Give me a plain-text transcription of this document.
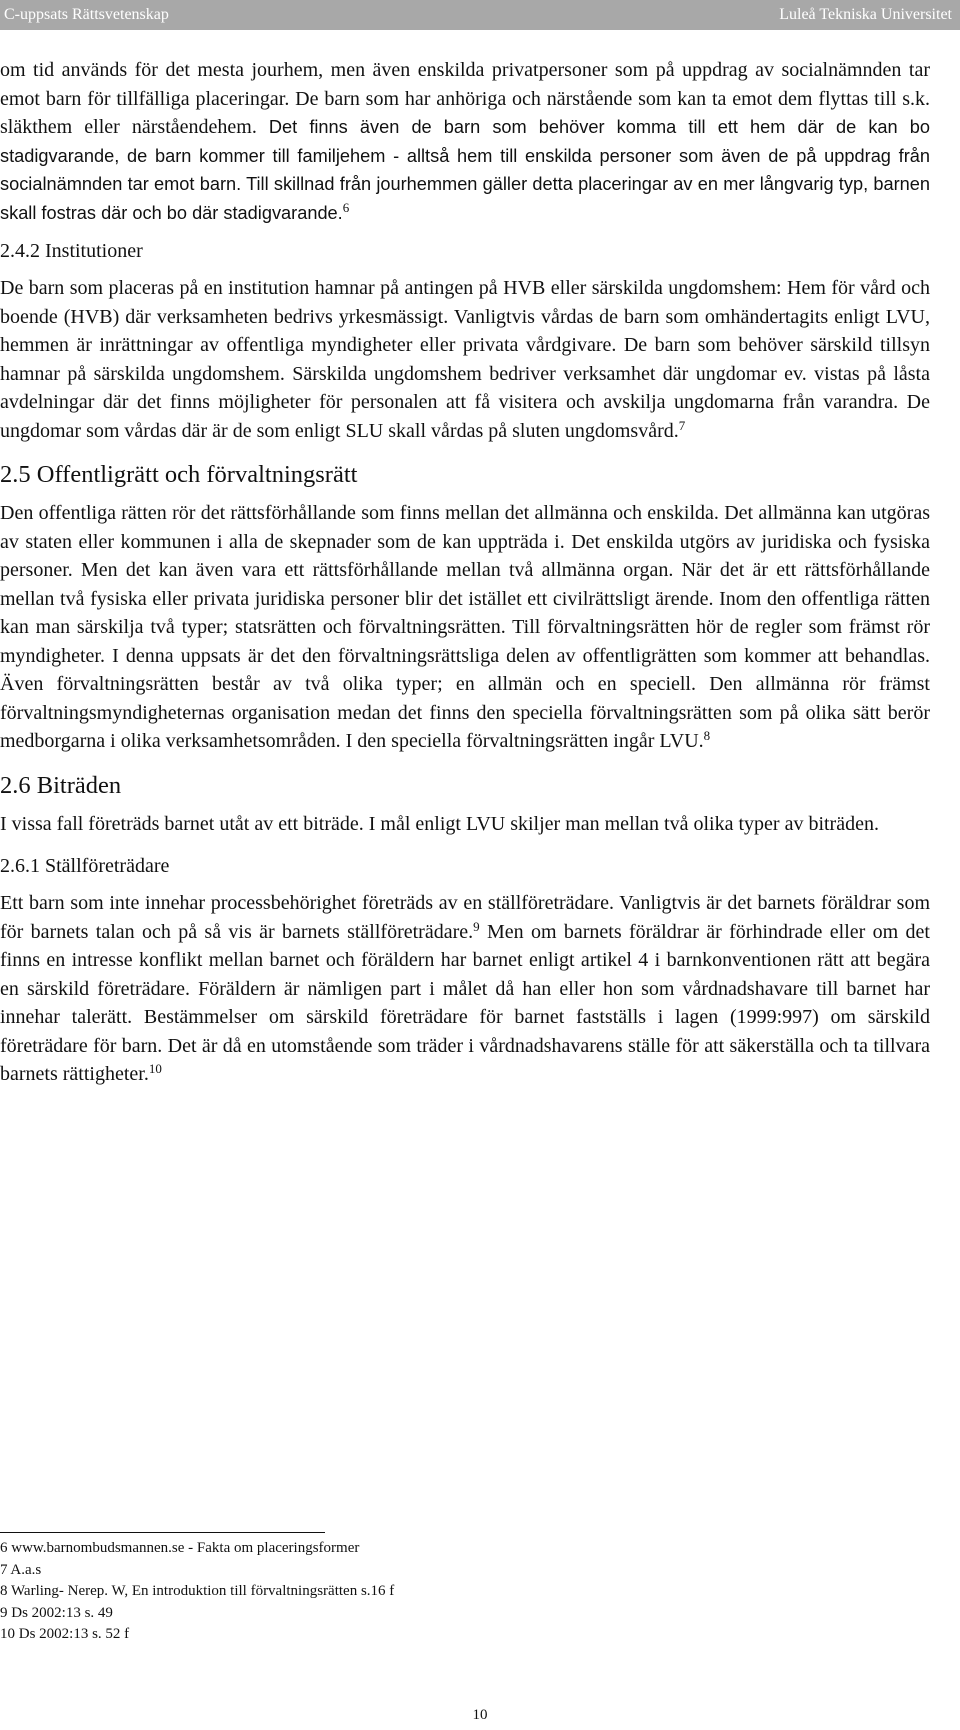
C-uppsats Rättsvetenskap	Luleå Tekniska Universitet

om tid används för det mesta jourhem, men även enskilda privatpersoner som på uppdrag av socialnämnden tar emot barn för tillfälliga placeringar. De barn som har anhöriga och närstående som kan ta emot dem flyttas till s.k. släkthem eller närståendehem. Det finns även de barn som behöver komma till ett hem där de kan bo stadigvarande, de barn kommer till familjehem - alltså hem till enskilda personer som även de på uppdrag från socialnämnden tar emot barn. Till skillnad från jourhemmen gäller detta placeringar av en mer långvarig typ, barnen skall fostras där och bo där stadigvarande.$^6$

2.4.2 Institutioner

De barn som placeras på en institution hamnar på antingen på HVB eller särskilda ungdomshem: Hem för vård och boende (HVB) där verksamheten bedrivs yrkesmässigt. Vanligtvis vårdas de barn som omhändertagits enligt LVU, hemmen är inrättningar av offentliga myndigheter eller privata vårdgivare. De barn som behöver särskild tillsyn hamnar på särskilda ungdomshem. Särskilda ungdomshem bedriver verksamhet där ungdomar ev. vistas på låsta avdelningar där det finns möjligheter för personalen att få visitera och avskilja ungdomarna från varandra. De ungdomar som vårdas där är de som enligt SLU skall vårdas på sluten ungdomsvård.$^7$

2.5 Offentligrätt och förvaltningsrätt

Den offentliga rätten rör det rättsförhållande som finns mellan det allmänna och enskilda. Det allmänna kan utgöras av staten eller kommunen i alla de skepnader som de kan uppträda i. Det enskilda utgörs av juridiska och fysiska personer. Men det kan även vara ett rättsförhållande mellan två allmänna organ. När det är ett rättsförhållande mellan två fysiska eller privata juridiska personer blir det istället ett civilrättsligt ärende. Inom den offentliga rätten kan man särskilja två typer; statsrätten och förvaltningsrätten. Till förvaltningsrätten hör de regler som främst rör myndigheter. I denna uppsats är det den förvaltningsrättsliga delen av offentligrätten som kommer att behandlas. Även förvaltningsrätten består av två olika typer; en allmän och en speciell. Den allmänna rör främst förvaltningsmyndigheternas organisation medan det finns den speciella förvaltningsrätten som på olika sätt berör medborgarna i olika verksamhetsområden. I den speciella förvaltningsrätten ingår LVU.$^8$

2.6 Biträden

I vissa fall företräds barnet utåt av ett biträde. I mål enligt LVU skiljer man mellan två olika typer av biträden.

2.6.1 Ställföreträdare

Ett barn som inte innehar processbehörighet företräds av en ställföreträdare. Vanligtvis är det barnets föräldrar som för barnets talan och på så vis är barnets ställföreträdare.$^9$ Men om barnets föräldrar är förhindrade eller om det finns en intresse konflikt mellan barnet och föräldern har barnet enligt artikel 4 i barnkonventionen rätt att begära en särskild företrädare. Föräldern är nämligen part i målet då han eller hon som vårdnadshavare till barnet har innehar talerätt. Bestämmelser om särskild företrädare för barnet fastställs i lagen (1999:997) om särskild företrädare för barn. Det är då en utomstående som träder i vårdnadshavarens ställe för att säkerställa och ta tillvara barnets rättigheter.$^{10}$

6 www.barnombudsmannen.se - Fakta om placeringsformer
7 A.a.s
8 Warling- Nerep. W, En introduktion till förvaltningsrätten s.16 f
9 Ds 2002:13 s. 49
10 Ds 2002:13 s. 52 f
10
